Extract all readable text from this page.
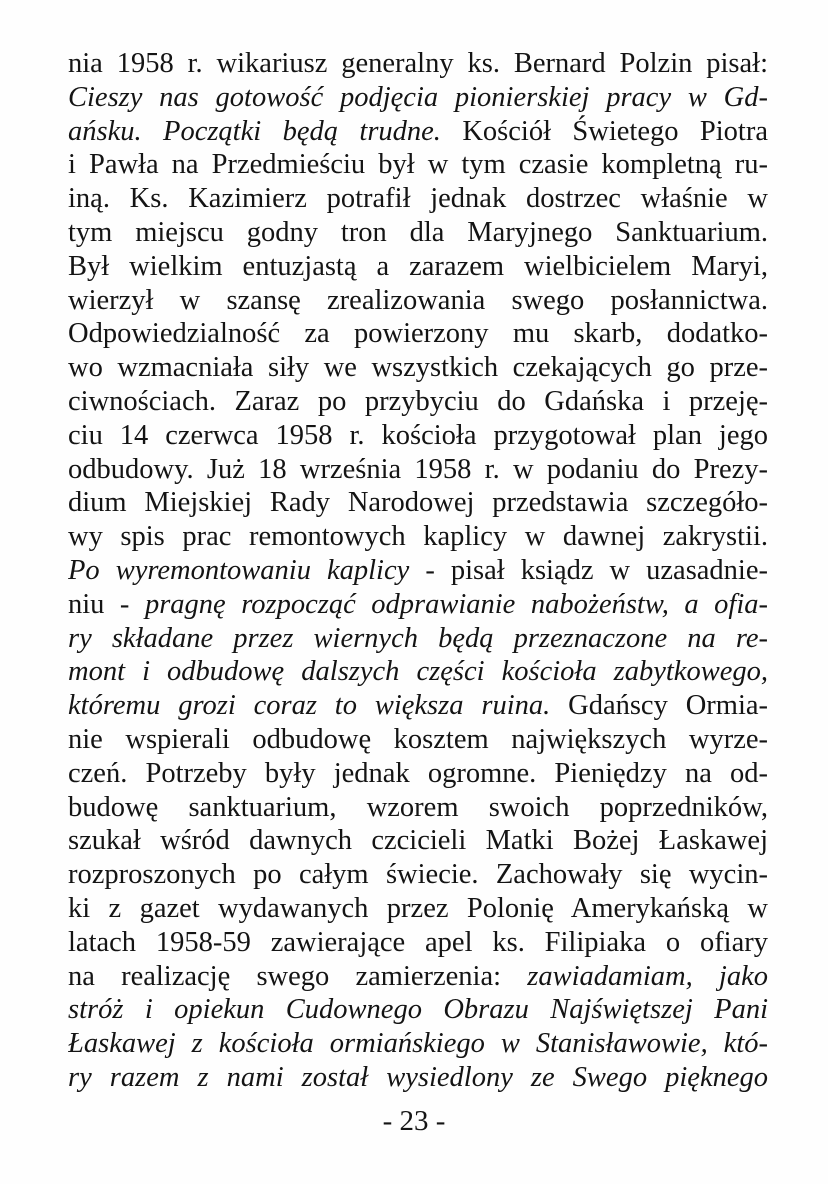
nia 1958 r. wikariusz generalny ks. Bernard Polzin pisał:
Cieszy nas gotowość podjęcia pionierskiej pracy w Gd-
ańsku. Początki będą trudne. Kościół Świetego Piotra
i Pawła na Przedmieściu był w tym czasie kompletną ru-
iną. Ks. Kazimierz potrafił jednak dostrzec właśnie w
tym miejscu godny tron dla Maryjnego Sanktuarium.
Był wielkim entuzjastą a zarazem wielbicielem Maryi,
wierzył w szansę zrealizowania swego posłannictwa.
Odpowiedzialność za powierzony mu skarb, dodatko-
wo wzmacniała siły we wszystkich czekających go prze-
ciwnościach. Zaraz po przybyciu do Gdańska i przeję-
ciu 14 czerwca 1958 r. kościoła przygotował plan jego
odbudowy. Już 18 września 1958 r. w podaniu do Prezy-
dium Miejskiej Rady Narodowej przedstawia szczegóło-
wy spis prac remontowych kaplicy w dawnej zakrystii.
Po wyremontowaniu kaplicy - pisał ksiądz w uzasadnie-
niu - pragnę rozpocząć odprawianie nabożeństw, a ofia-
ry składane przez wiernych będą przeznaczone na re-
mont i odbudowę dalszych części kościoła zabytkowego,
któremu grozi coraz to większa ruina. Gdańscy Ormia-
nie wspierali odbudowę kosztem największych wyrze-
czeń. Potrzeby były jednak ogromne. Pieniędzy na od-
budowę sanktuarium, wzorem swoich poprzedników,
szukał wśród dawnych czcicieli Matki Bożej Łaskawej
rozproszonych po całym świecie. Zachowały się wycin-
ki z gazet wydawanych przez Polonię Amerykańską w
latach 1958-59 zawierające apel ks. Filipiaka o ofiary
na realizację swego zamierzenia: zawiadamiam, jako
stróż i opiekun Cudownego Obrazu Najświętszej Pani
Łaskawej z kościoła ormiańskiego w Stanisławowie, któ-
ry razem z nami został wysiedlony ze Swego pięknego
- 23 -
